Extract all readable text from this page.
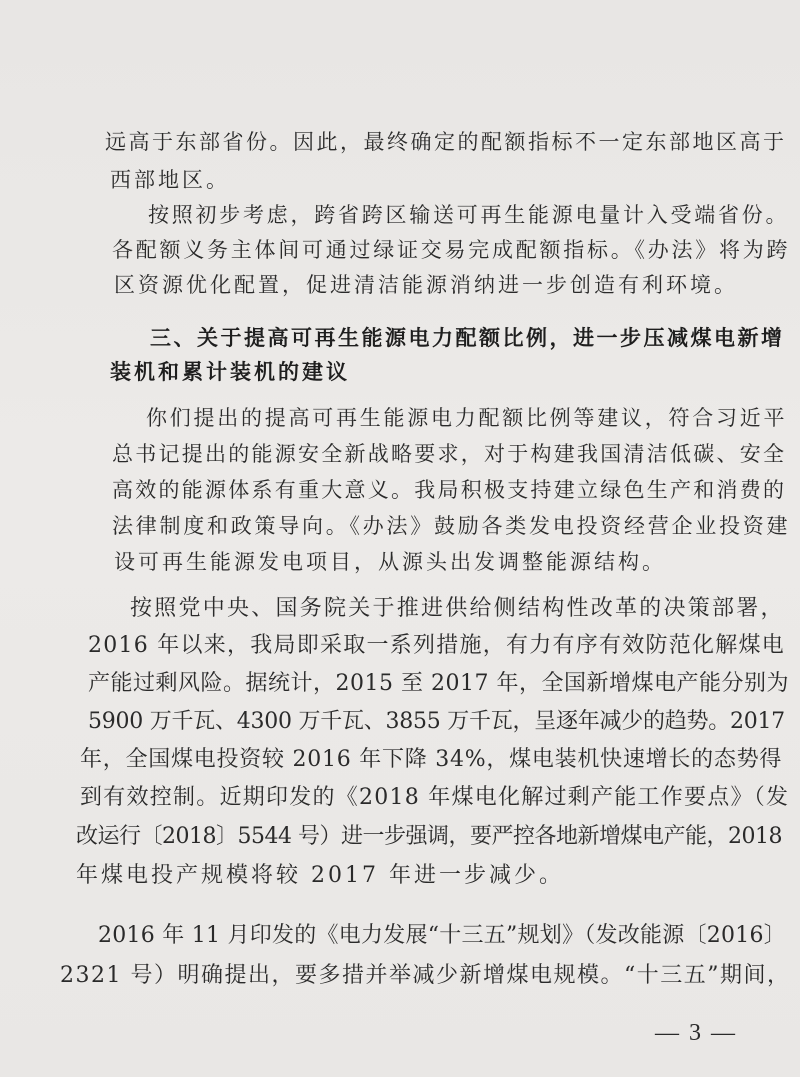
远高于东部省份。因此，最终确定的配额指标不一定东部地区高于
西部地区。
按照初步考虑，跨省跨区输送可再生能源电量计入受端省份。
各配额义务主体间可通过绿证交易完成配额指标。《办法》将为跨
区资源优化配置，促进清洁能源消纳进一步创造有利环境。
三、关于提高可再生能源电力配额比例，进一步压减煤电新增
装机和累计装机的建议
你们提出的提高可再生能源电力配额比例等建议，符合习近平
总书记提出的能源安全新战略要求，对于构建我国清洁低碳、安全
高效的能源体系有重大意义。我局积极支持建立绿色生产和消费的
法律制度和政策导向。《办法》鼓励各类发电投资经营企业投资建
设可再生能源发电项目，从源头出发调整能源结构。
按照党中央、国务院关于推进供给侧结构性改革的决策部署，
2016 年以来，我局即采取一系列措施，有力有序有效防范化解煤电
产能过剩风险。据统计，2015 至 2017 年，全国新增煤电产能分别为
5900 万千瓦、4300 万千瓦、3855 万千瓦，呈逐年减少的趋势。2017
年，全国煤电投资较 2016 年下降 34%，煤电装机快速增长的态势得
到有效控制。近期印发的《2018 年煤电化解过剩产能工作要点》（发
改运行〔2018〕5544 号）进一步强调，要严控各地新增煤电产能，2018
年煤电投产规模将较 2017 年进一步减少。
2016 年 11 月印发的《电力发展“十三五”规划》（发改能源〔2016〕
2321 号）明确提出，要多措并举减少新增煤电规模。“十三五”期间，
— 3 —
